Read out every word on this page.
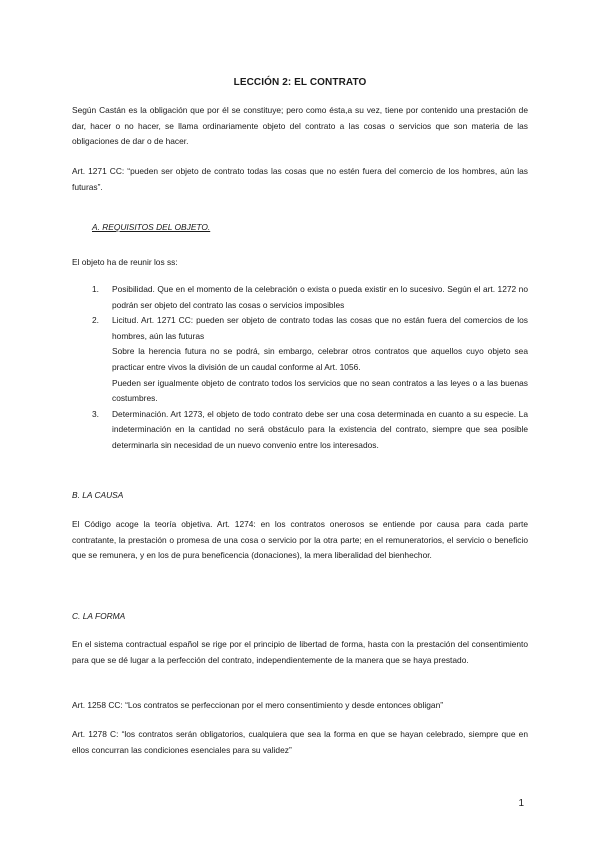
LECCIÓN 2: EL CONTRATO

Según Castán es la obligación que por él se constituye; pero como ésta,a su vez, tiene por contenido una prestación de dar, hacer o no hacer, se llama ordinariamente objeto del contrato a las cosas o servicios que son materia de las obligaciones de dar o de hacer.

Art. 1271 CC: “pueden ser objeto de contrato todas las cosas que no estén fuera del comercio de los hombres, aún las futuras”.

A. REQUISITOS DEL OBJETO.

El objeto ha de reunir los ss:

1. Posibilidad. Que en el momento de la celebración o exista o pueda existir en lo sucesivo. Según el art. 1272 no podrán ser objeto del contrato las cosas o servicios imposibles
2. Licitud. Art. 1271 CC: pueden ser objeto de contrato todas las cosas que no están fuera del comercios de los hombres, aún las futuras
Sobre la herencia futura no se podrá, sin embargo, celebrar otros contratos que aquellos cuyo objeto sea practicar entre vivos la división de un caudal conforme al Art. 1056.
Pueden ser igualmente objeto de contrato todos los servicios que no sean contratos a las leyes o a las buenas costumbres.
3. Determinación. Art 1273, el objeto de todo contrato debe ser una cosa determinada en cuanto a su especie. La indeterminación en la cantidad no será obstáculo para la existencia del contrato, siempre que sea posible determinarla sin necesidad de un nuevo convenio entre los interesados.

B. LA CAUSA

El Código acoge la teoría objetiva. Art. 1274: en los contratos onerosos se entiende por causa para cada parte contratante, la prestación o promesa de una cosa o servicio por la otra parte; en el remuneratorios, el servicio o beneficio que se remunera, y en los de pura beneficencia (donaciones), la mera liberalidad del bienhechor.

C. LA FORMA

En el sistema contractual español se rige por el principio de libertad de forma, hasta con la prestación del consentimiento para que se dé lugar a la perfección del contrato, independientemente de la manera que se haya prestado.

Art. 1258 CC: “Los contratos se perfeccionan por el mero consentimiento y desde entonces obligan”

Art. 1278 C: “los contratos serán obligatorios, cualquiera que sea la forma en que se hayan celebrado, siempre que en ellos concurran las condiciones esenciales para su validez”

1
